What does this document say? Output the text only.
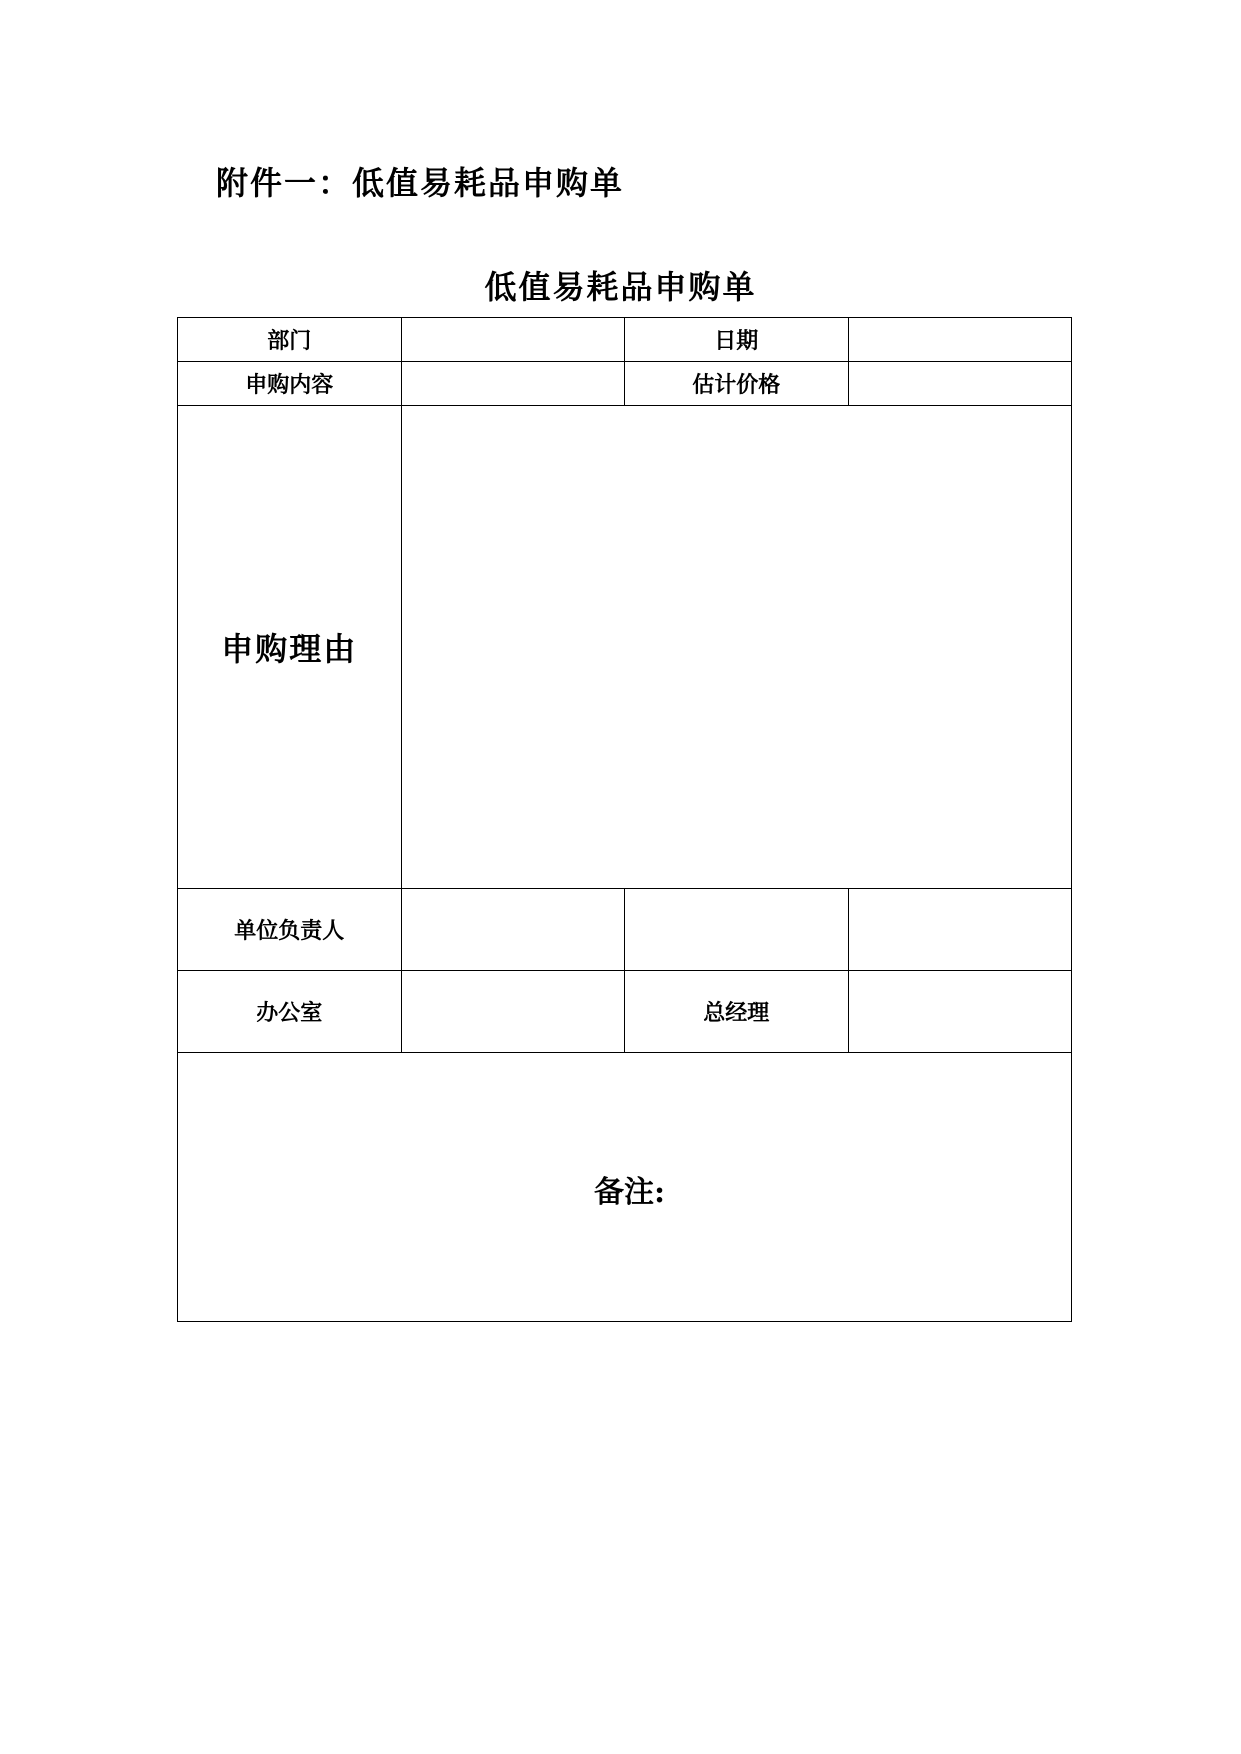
附件一：低值易耗品申购单
低值易耗品申购单
部门		日期	
申购内容		估计价格	
申购理由			
单位负责人			
办公室		总经理	
备注:			
